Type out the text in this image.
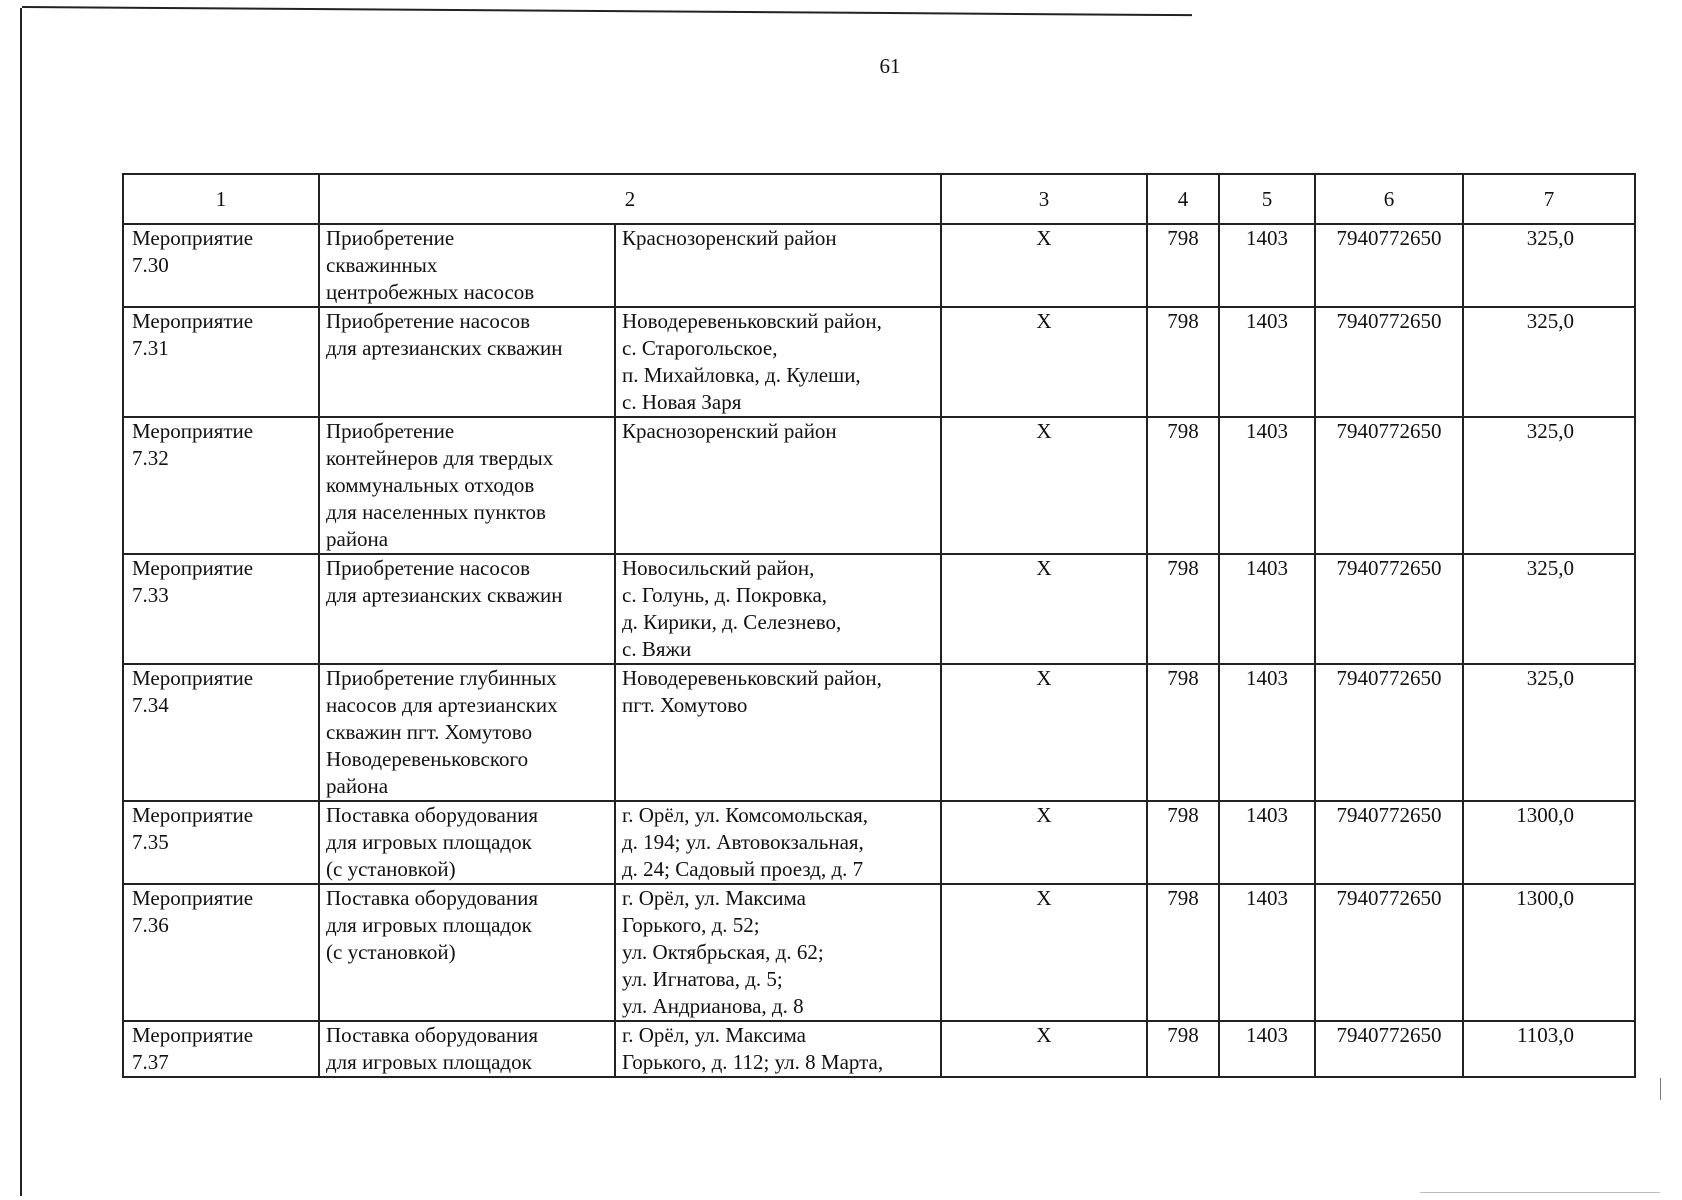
61
1	2		3	4	5	6	7
Мероприятие
7.30	Приобретение
скважинных
центробежных насосов	Краснозоренский район	Х	798	1403	7940772650	325,0
Мероприятие
7.31	Приобретение насосов
для артезианских скважин	Новодеревеньковский район,
с. Старогольское,
п. Михайловка, д. Кулеши,
с. Новая Заря	Х	798	1403	7940772650	325,0
Мероприятие
7.32	Приобретение
контейнеров для твердых
коммунальных отходов
для населенных пунктов
района	Краснозоренский район	Х	798	1403	7940772650	325,0
Мероприятие
7.33	Приобретение насосов
для артезианских скважин	Новосильский район,
с. Голунь, д. Покровка,
д. Кирики, д. Селезнево,
с. Вяжи	Х	798	1403	7940772650	325,0
Мероприятие
7.34	Приобретение глубинных
насосов для артезианских
скважин пгт. Хомутово
Новодеревеньковского
района	Новодеревеньковский район,
пгт. Хомутово	Х	798	1403	7940772650	325,0
Мероприятие
7.35	Поставка оборудования
для игровых площадок
(с установкой)	г. Орёл, ул. Комсомольская,
д. 194; ул. Автовокзальная,
д. 24; Садовый проезд, д. 7	Х	798	1403	7940772650	1300,0
Мероприятие
7.36	Поставка оборудования
для игровых площадок
(с установкой)	г. Орёл, ул. Максима
Горького, д. 52;
ул. Октябрьская, д. 62;
ул. Игнатова, д. 5;
ул. Андрианова, д. 8	Х	798	1403	7940772650	1300,0
Мероприятие
7.37	Поставка оборудования
для игровых площадок	г. Орёл, ул. Максима
Горького, д. 112; ул. 8 Марта,	Х	798	1403	7940772650	1103,0
